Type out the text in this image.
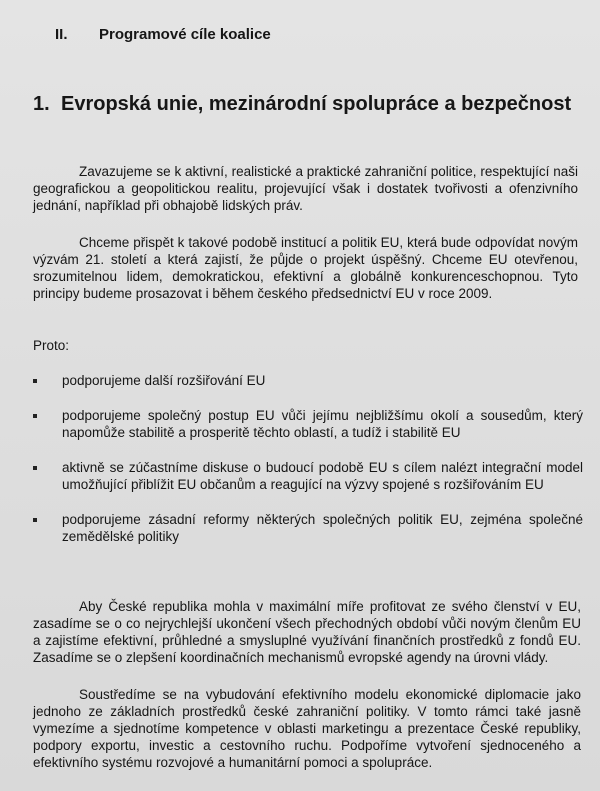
II. Programové cíle koalice
1. Evropská unie, mezinárodní spolupráce a bezpečnost

Zavazujeme se k aktivní, realistické a praktické zahraniční politice, respektující naši geografickou a geopolitickou realitu, projevující však i dostatek tvořivosti a ofenzivního jednání, například při obhajobě lidských práv.

Chceme přispět k takové podobě institucí a politik EU, která bude odpovídat novým výzvám 21. století a která zajistí, že půjde o projekt úspěšný. Chceme EU otevřenou, srozumitelnou lidem, demokratickou, efektivní a globálně konkurenceschopnou. Tyto principy budeme prosazovat i během českého předsednictví EU v roce 2009.

Proto:

podporujeme další rozšiřování EU
podporujeme společný postup EU vůči jejímu nejbližšímu okolí a sousedům, který napomůže stabilitě a prosperitě těchto oblastí, a tudíž i stabilitě EU
aktivně se zúčastníme diskuse o budoucí podobě EU s cílem nalézt integrační model umožňující přiblížit EU občanům a reagující na výzvy spojené s rozšiřováním EU
podporujeme zásadní reformy některých společných politik EU, zejména společné zemědělské politiky

Aby České republika mohla v maximální míře profitovat ze svého členství v EU, zasadíme se o co nejrychlejší ukončení všech přechodných období vůči novým členům EU a zajistíme efektivní, průhledné a smysluplné využívání finančních prostředků z fondů EU. Zasadíme se o zlepšení koordinačních mechanismů evropské agendy na úrovni vlády.

Soustředíme se na vybudování efektivního modelu ekonomické diplomacie jako jednoho ze základních prostředků české zahraniční politiky. V tomto rámci také jasně vymezíme a sjednotíme kompetence v oblasti marketingu a prezentace České republiky, podpory exportu, investic a cestovního ruchu. Podpoříme vytvoření sjednoceného a efektivního systému rozvojové a humanitární pomoci a spolupráce.
